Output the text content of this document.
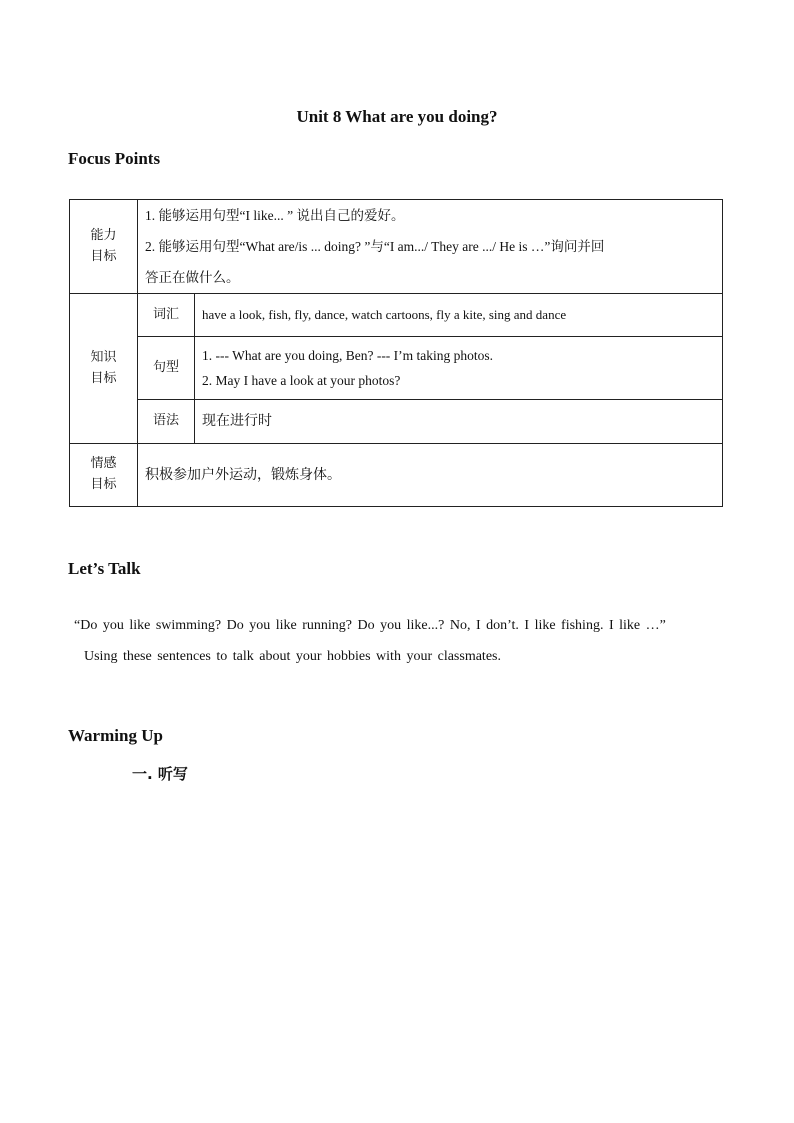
Unit 8 What are you doing?
Focus Points
能力
目标	1. 能够运用句型“I like... ” 说出自己的爱好。
2. 能够运用句型“What are/is ... doing? ”与“I am.../ They are .../ He is …”询问并回
答正在做什么。	

知识
目标	词汇	have a look, fish, fly, dance, watch cartoons, fly a kite, sing and dance
	句型	1. --- What are you doing, Ben? --- I’m taking photos.
2. May I have a look at your photos?

	语法	现在进行时

情感
目标	积极参加户外运动，锻炼身体。	
Let’s Talk
“Do you like swimming? Do you like running? Do you like...? No, I don’t. I like fishing. I like …”
Using these sentences to talk about your hobbies with your classmates.
Warming Up
一. 听写
